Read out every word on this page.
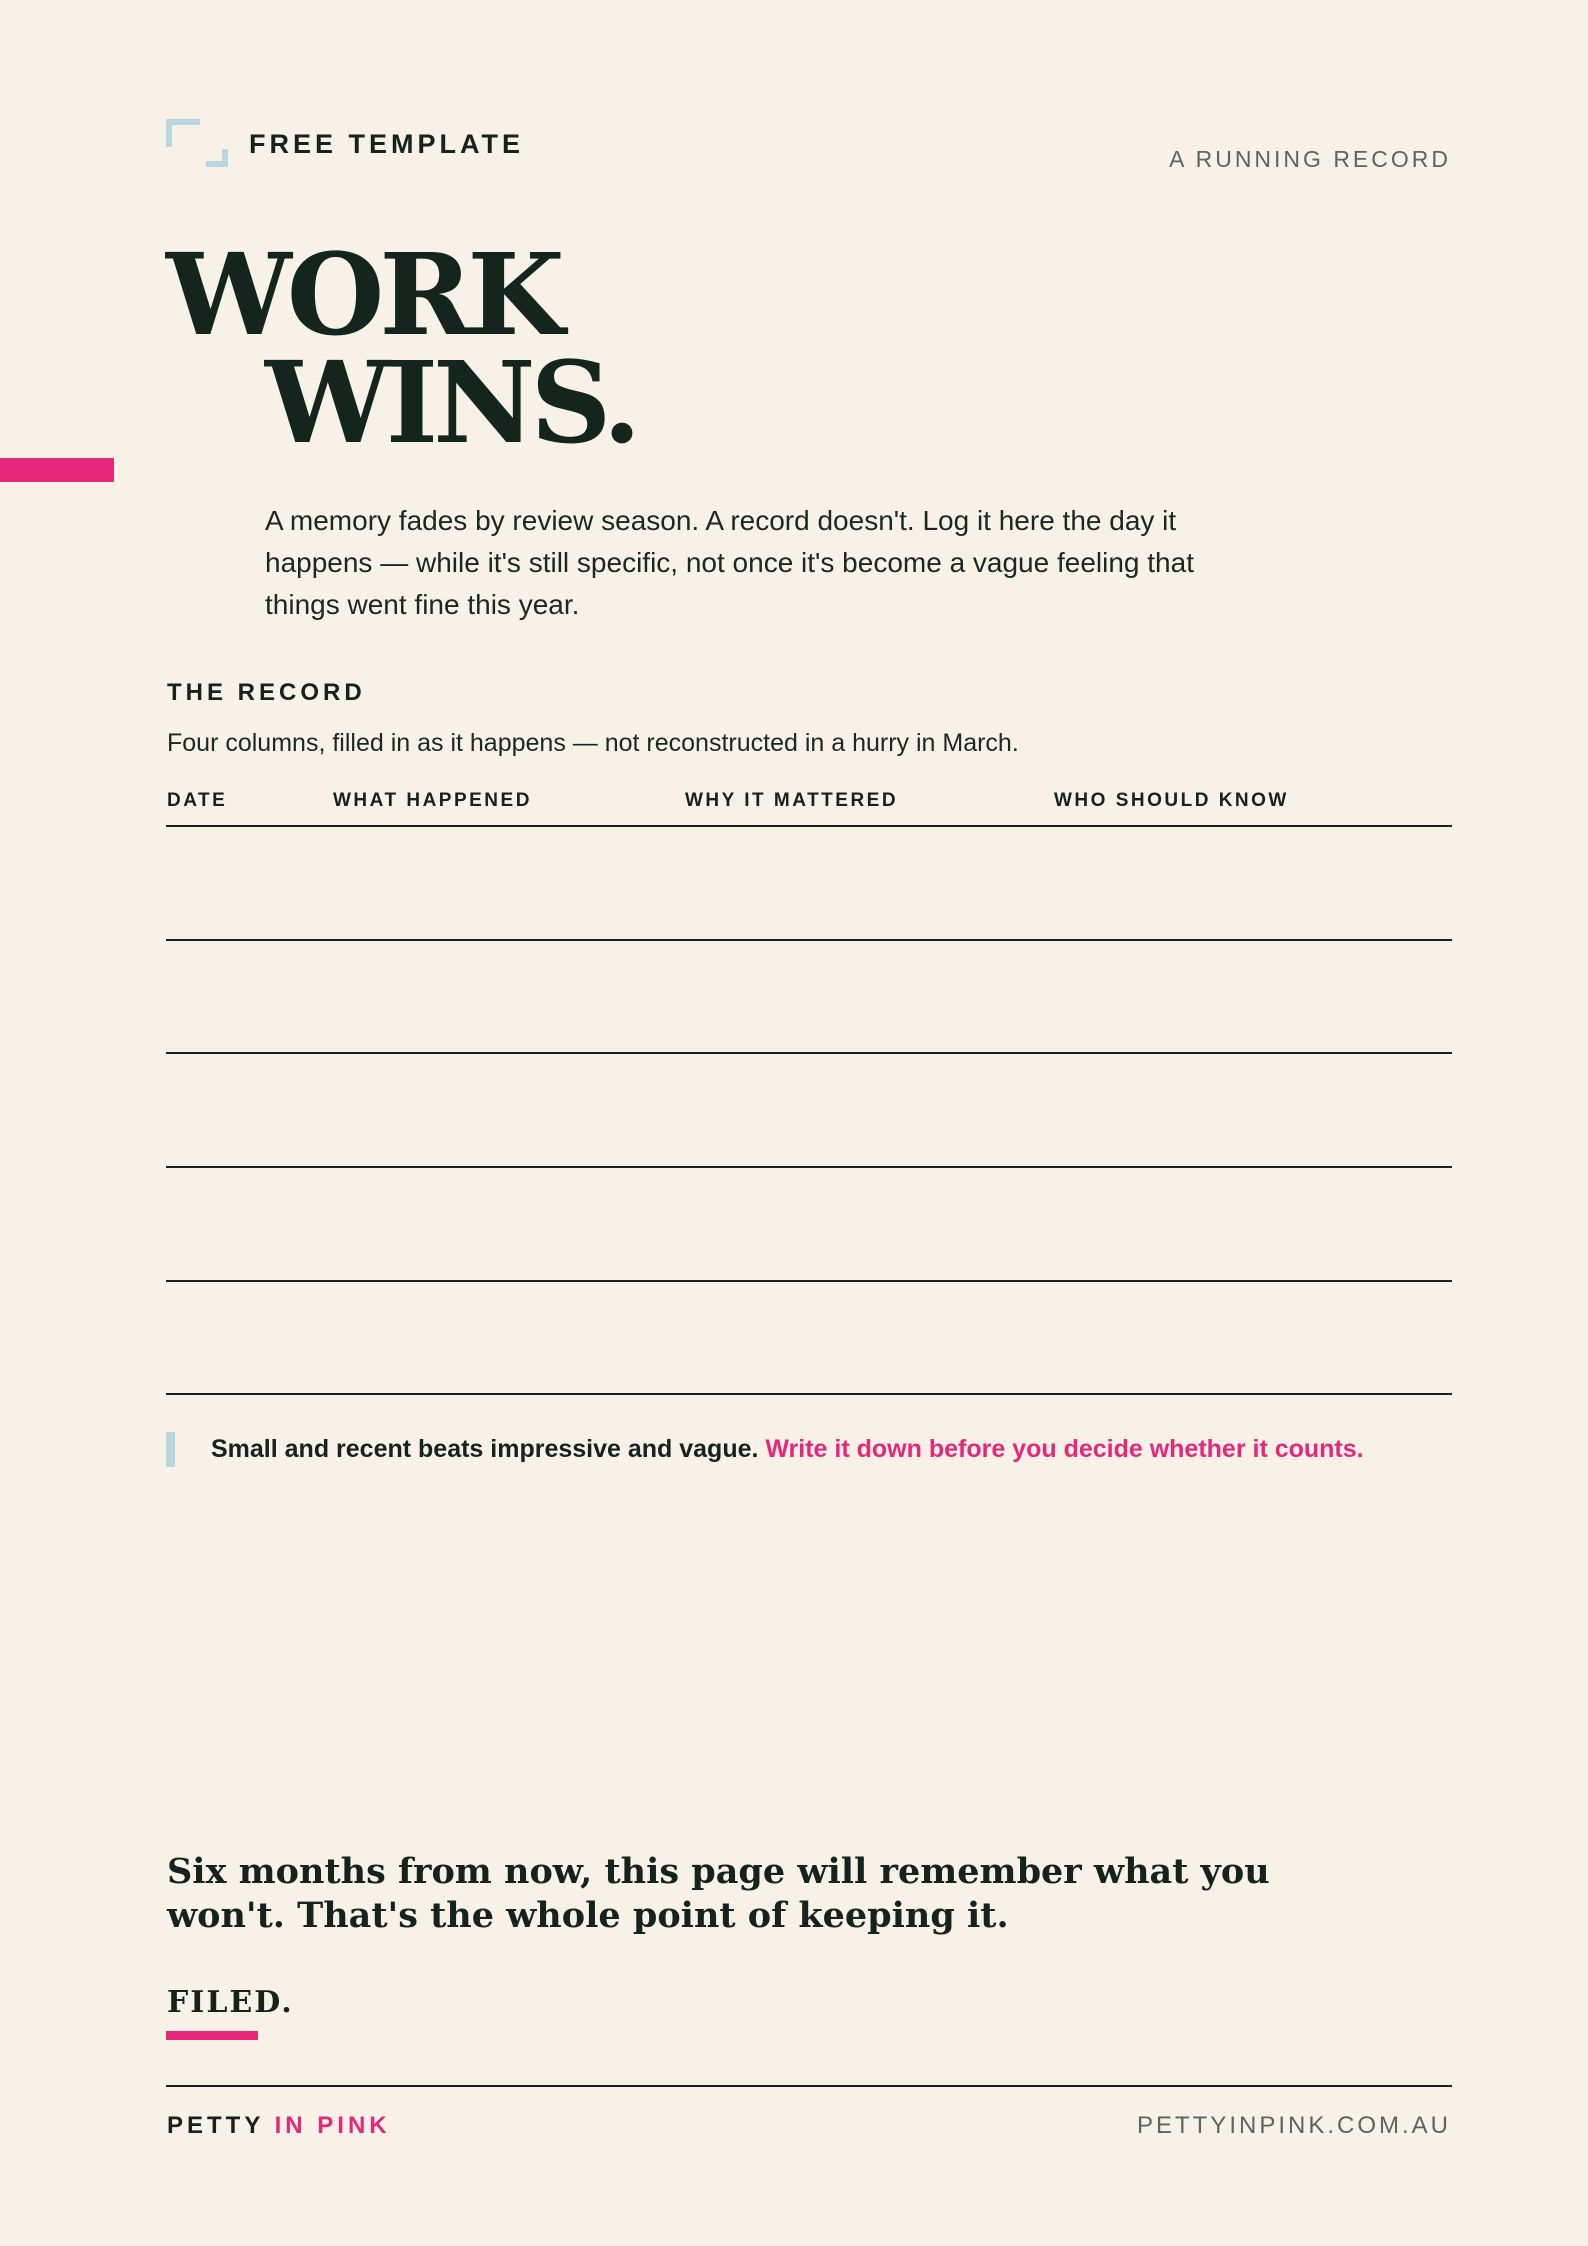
FREE TEMPLATE	A RUNNING RECORD
WORK
WINS.
A memory fades by review season. A record doesn't. Log it here the day it happens — while it's still specific, not once it's become a vague feeling that things went fine this year.
THE RECORD
Four columns, filled in as it happens — not reconstructed in a hurry in March.
DATE	WHAT HAPPENED	WHY IT MATTERED	WHO SHOULD KNOW
Small and recent beats impressive and vague. Write it down before you decide whether it counts.
Six months from now, this page will remember what you won't. That's the whole point of keeping it.
FILED.
PETTY IN PINK	PETTYINPINK.COM.AU
